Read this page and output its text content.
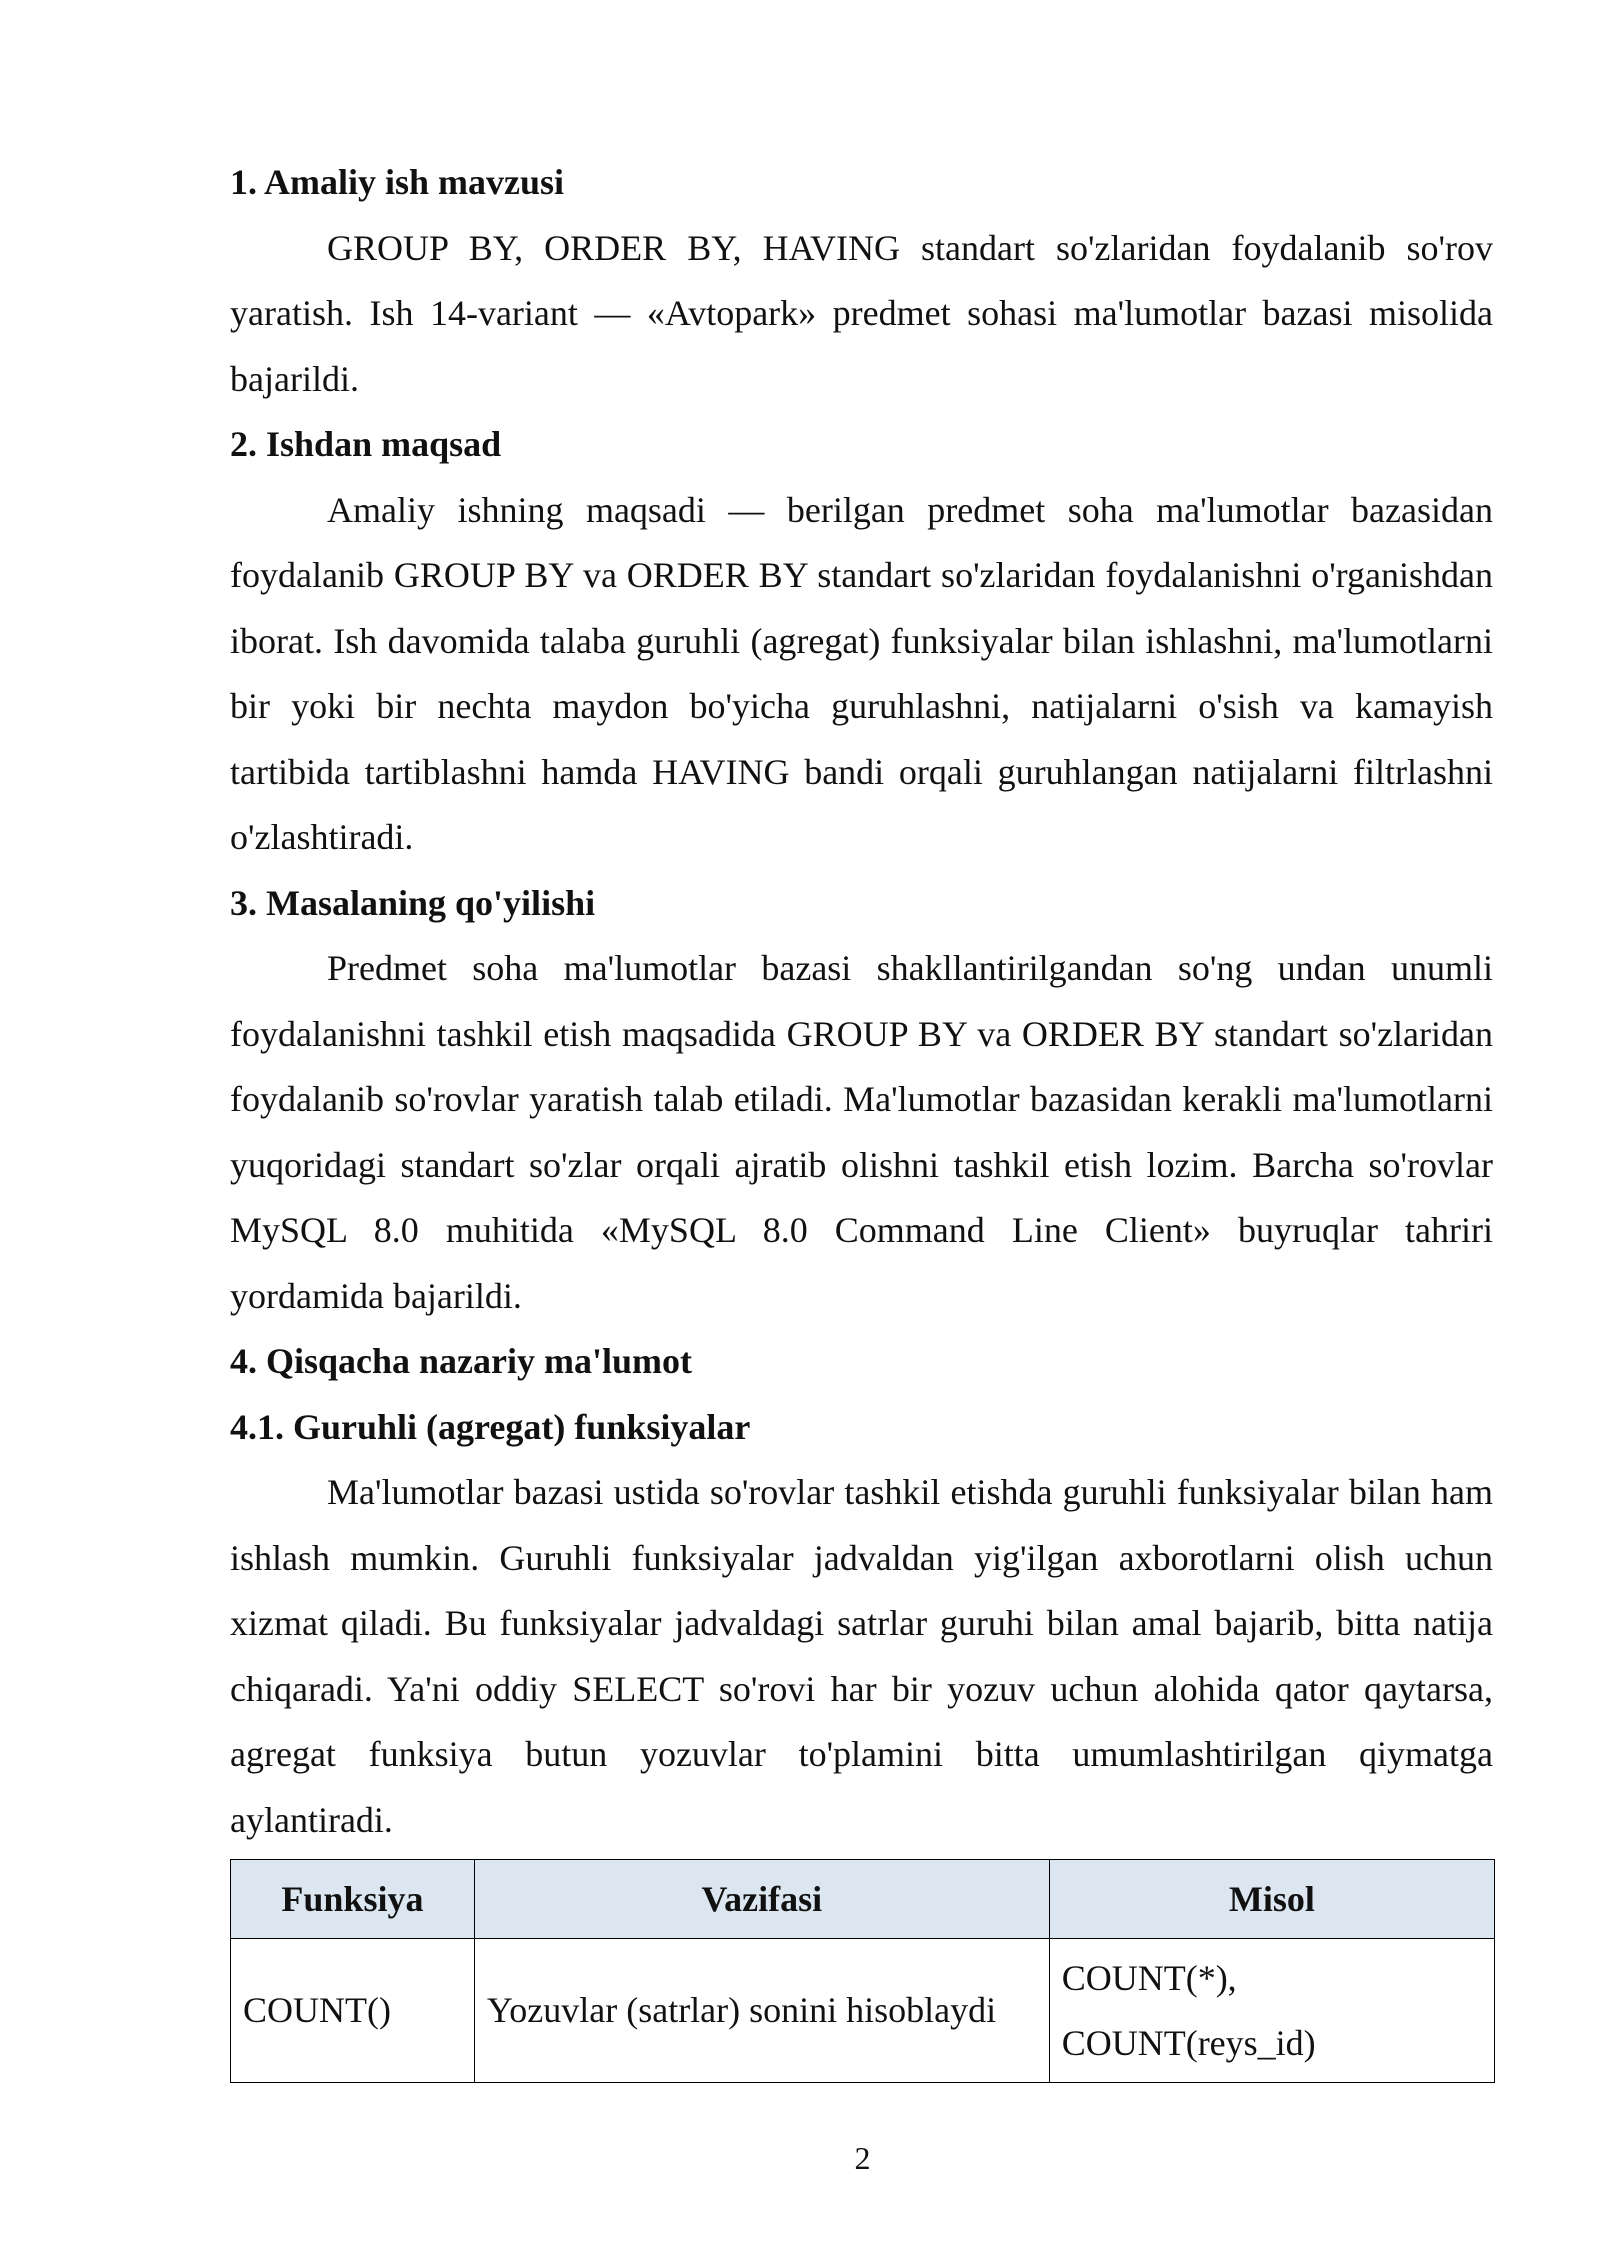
1. Amaliy ish mavzusi

GROUP BY, ORDER BY, HAVING standart so'zlaridan foydalanib so'rov yaratish. Ish 14-variant — «Avtopark» predmet sohasi ma'lumotlar bazasi misolida bajarildi.

2. Ishdan maqsad

Amaliy ishning maqsadi — berilgan predmet soha ma'lumotlar bazasidan foydalanib GROUP BY va ORDER BY standart so'zlaridan foydalanishni o'rganishdan iborat. Ish davomida talaba guruhli (agregat) funksiyalar bilan ishlashni, ma'lumotlarni bir yoki bir nechta maydon bo'yicha guruhlashni, natijalarni o'sish va kamayish tartibida tartiblashni hamda HAVING bandi orqali guruhlangan natijalarni filtrlashni o'zlashtiradi.

3. Masalaning qo'yilishi

Predmet soha ma'lumotlar bazasi shakllantirilgandan so'ng undan unumli foydalanishni tashkil etish maqsadida GROUP BY va ORDER BY standart so'zlaridan foydalanib so'rovlar yaratish talab etiladi. Ma'lumotlar bazasidan kerakli ma'lumotlarni yuqoridagi standart so'zlar orqali ajratib olishni tashkil etish lozim. Barcha so'rovlar MySQL 8.0 muhitida «MySQL 8.0 Command Line Client» buyruqlar tahriri yordamida bajarildi.

4. Qisqacha nazariy ma'lumot

4.1. Guruhli (agregat) funksiyalar

Ma'lumotlar bazasi ustida so'rovlar tashkil etishda guruhli funksiyalar bilan ham ishlash mumkin. Guruhli funksiyalar jadvaldan yig'ilgan axborotlarni olish uchun xizmat qiladi. Bu funksiyalar jadvaldagi satrlar guruhi bilan amal bajarib, bitta natija chiqaradi. Ya'ni oddiy SELECT so'rovi har bir yozuv uchun alohida qator qaytarsa, agregat funksiya butun yozuvlar to'plamini bitta umumlashtirilgan qiymatga aylantiradi.

Funksiya	Vazifasi	Misol
COUNT()	Yozuvlar (satrlar) sonini hisoblaydi	COUNT(*),
COUNT(reys_id)
2
